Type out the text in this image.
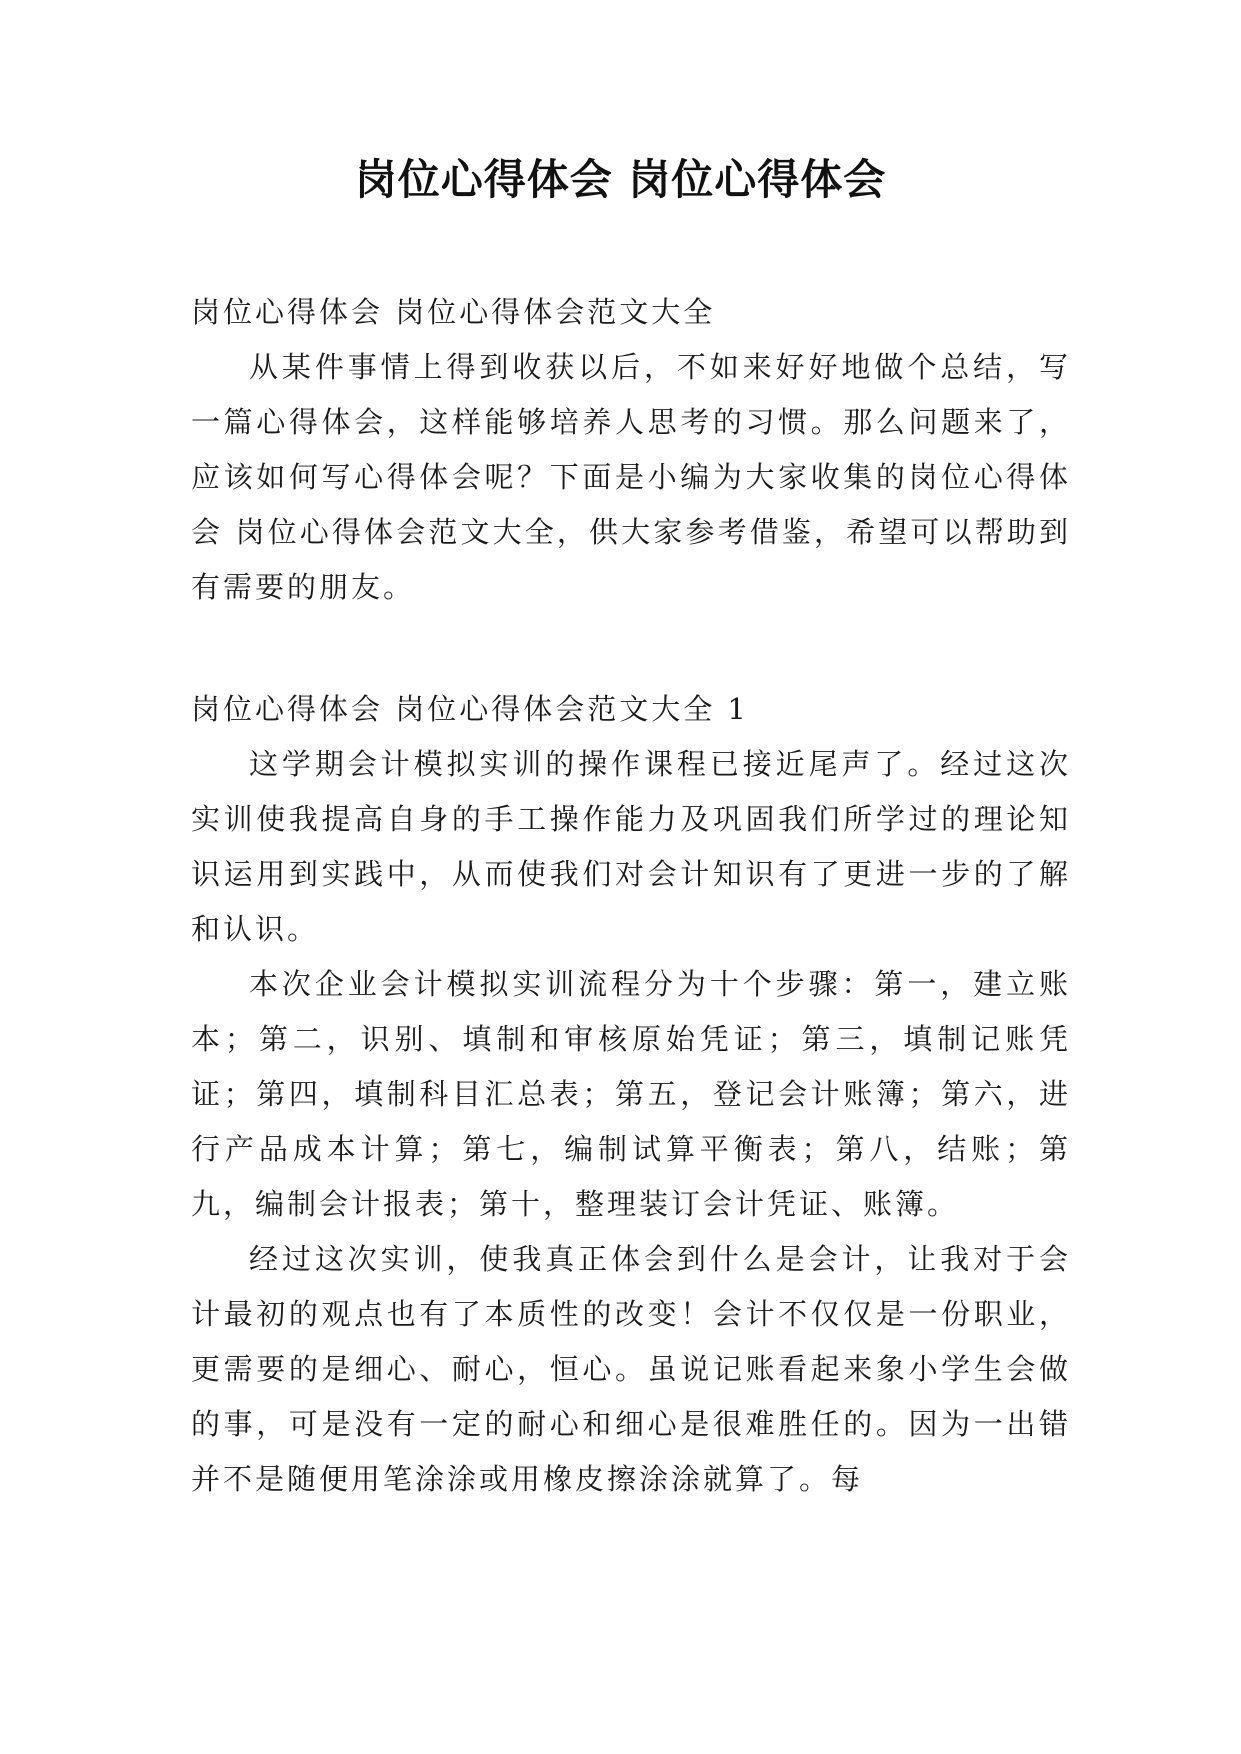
岗位心得体会 岗位心得体会

岗位心得体会 岗位心得体会范文大全

从某件事情上得到收获以后，不如来好好地做个总结，写一篇心得体会，这样能够培养人思考的习惯。那么问题来了，应该如何写心得体会呢？下面是小编为大家收集的岗位心得体会 岗位心得体会范文大全，供大家参考借鉴，希望可以帮助到有需要的朋友。

岗位心得体会 岗位心得体会范文大全 1

这学期会计模拟实训的操作课程已接近尾声了。经过这次实训使我提高自身的手工操作能力及巩固我们所学过的理论知识运用到实践中，从而使我们对会计知识有了更进一步的了解和认识。

本次企业会计模拟实训流程分为十个步骤：第一，建立账本；第二，识别、填制和审核原始凭证；第三，填制记账凭证；第四，填制科目汇总表；第五，登记会计账簿；第六，进行产品成本计算；第七，编制试算平衡表；第八，结账；第九，编制会计报表；第十，整理装订会计凭证、账簿。

经过这次实训，使我真正体会到什么是会计，让我对于会计最初的观点也有了本质性的改变！会计不仅仅是一份职业，更需要的是细心、耐心，恒心。虽说记账看起来象小学生会做的事，可是没有一定的耐心和细心是很难胜任的。因为一出错并不是随便用笔涂涂或用橡皮擦涂涂就算了。每
